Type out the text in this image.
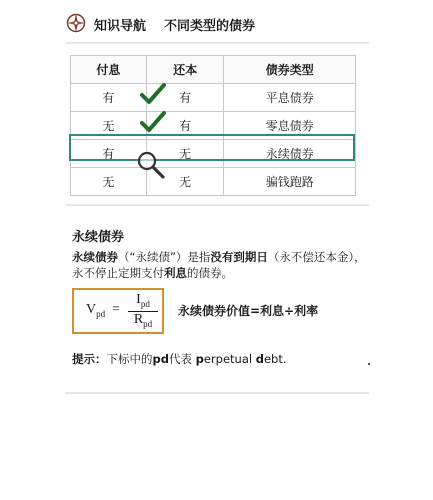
知识导航 不同类型的债券
付息	还本	债券类型
有	有	平息债券
无	有	零息债券
有	无	永续债券
无	无	骗钱跑路
永续债券
永续债券（“永续债”）是指没有到期日（永不偿还本金），
永不停止定期支付利息的债券。
$V_{pd}$ =
$I_{pd}$
$R_{pd}$
永续债券价值=利息÷利率
提示：下标中的pd代表 perpetual debt.
